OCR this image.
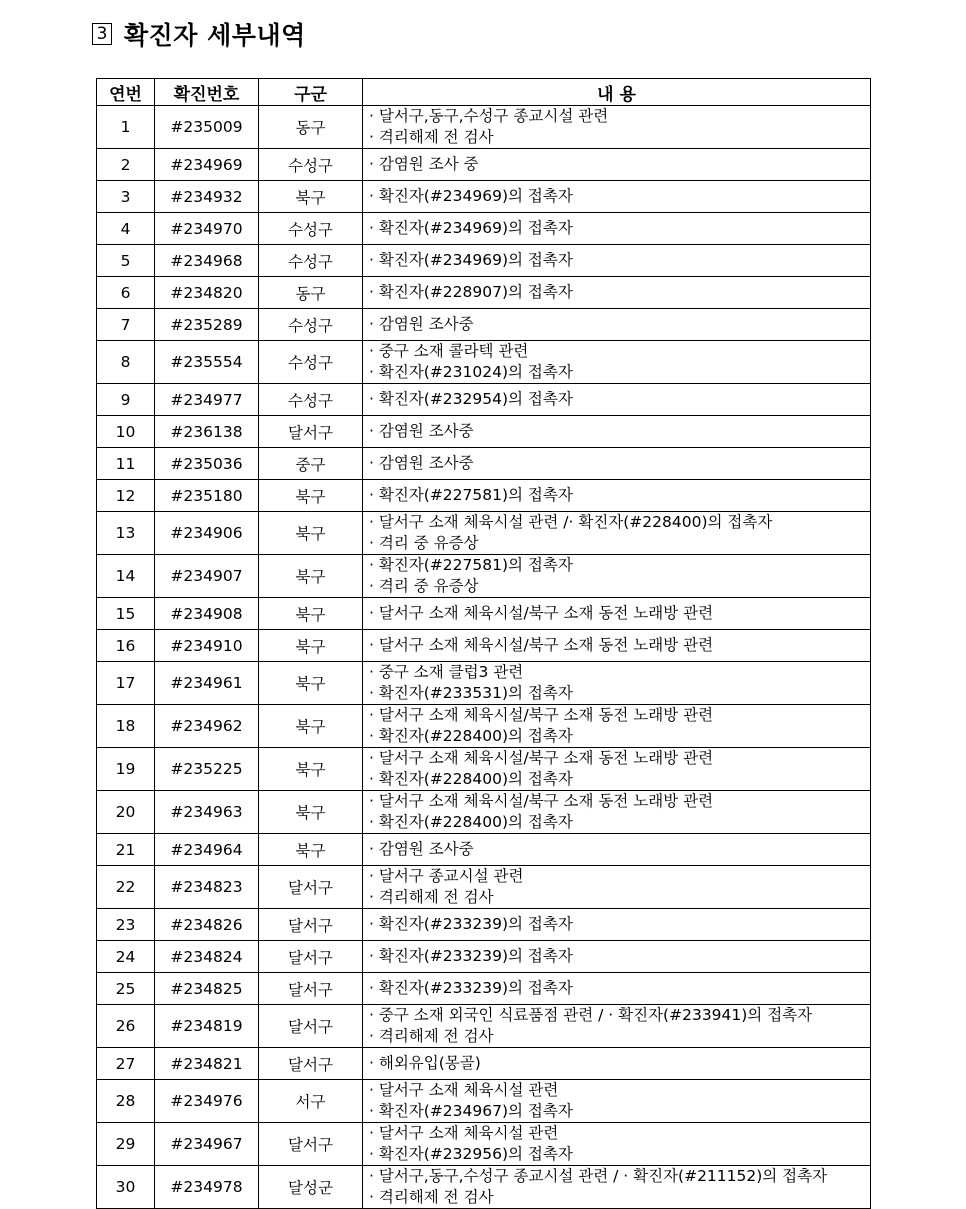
3 확진자 세부내역
연번	확진번호	구군	내 용
1	#235009	동구	· 달서구,동구,수성구 종교시설 관련
· 격리해제 전 검사

2	#234969	수성구	· 감염원 조사 중

3	#234932	북구	· 확진자(#234969)의 접촉자

4	#234970	수성구	· 확진자(#234969)의 접촉자

5	#234968	수성구	· 확진자(#234969)의 접촉자

6	#234820	동구	· 확진자(#228907)의 접촉자

7	#235289	수성구	· 감염원 조사중

8	#235554	수성구	· 중구 소재 콜라텍 관련
· 확진자(#231024)의 접촉자

9	#234977	수성구	· 확진자(#232954)의 접촉자

10	#236138	달서구	· 감염원 조사중

11	#235036	중구	· 감염원 조사중

12	#235180	북구	· 확진자(#227581)의 접촉자

13	#234906	북구	· 달서구 소재 체육시설 관련 /· 확진자(#228400)의 접촉자
· 격리 중 유증상

14	#234907	북구	· 확진자(#227581)의 접촉자
· 격리 중 유증상

15	#234908	북구	· 달서구 소재 체육시설/북구 소재 동전 노래방 관련

16	#234910	북구	· 달서구 소재 체육시설/북구 소재 동전 노래방 관련

17	#234961	북구	· 중구 소재 클럽3 관련
· 확진자(#233531)의 접촉자

18	#234962	북구	· 달서구 소재 체육시설/북구 소재 동전 노래방 관련
· 확진자(#228400)의 접촉자

19	#235225	북구	· 달서구 소재 체육시설/북구 소재 동전 노래방 관련
· 확진자(#228400)의 접촉자

20	#234963	북구	· 달서구 소재 체육시설/북구 소재 동전 노래방 관련
· 확진자(#228400)의 접촉자

21	#234964	북구	· 감염원 조사중

22	#234823	달서구	· 달서구 종교시설 관련
· 격리해제 전 검사

23	#234826	달서구	· 확진자(#233239)의 접촉자

24	#234824	달서구	· 확진자(#233239)의 접촉자

25	#234825	달서구	· 확진자(#233239)의 접촉자

26	#234819	달서구	· 중구 소재 외국인 식료품점 관련 / · 확진자(#233941)의 접촉자
· 격리해제 전 검사

27	#234821	달서구	· 해외유입(몽골)

28	#234976	서구	· 달서구 소재 체육시설 관련
· 확진자(#234967)의 접촉자

29	#234967	달서구	· 달서구 소재 체육시설 관련
· 확진자(#232956)의 접촉자

30	#234978	달성군	· 달서구,동구,수성구 종교시설 관련 / · 확진자(#211152)의 접촉자
· 격리해제 전 검사
